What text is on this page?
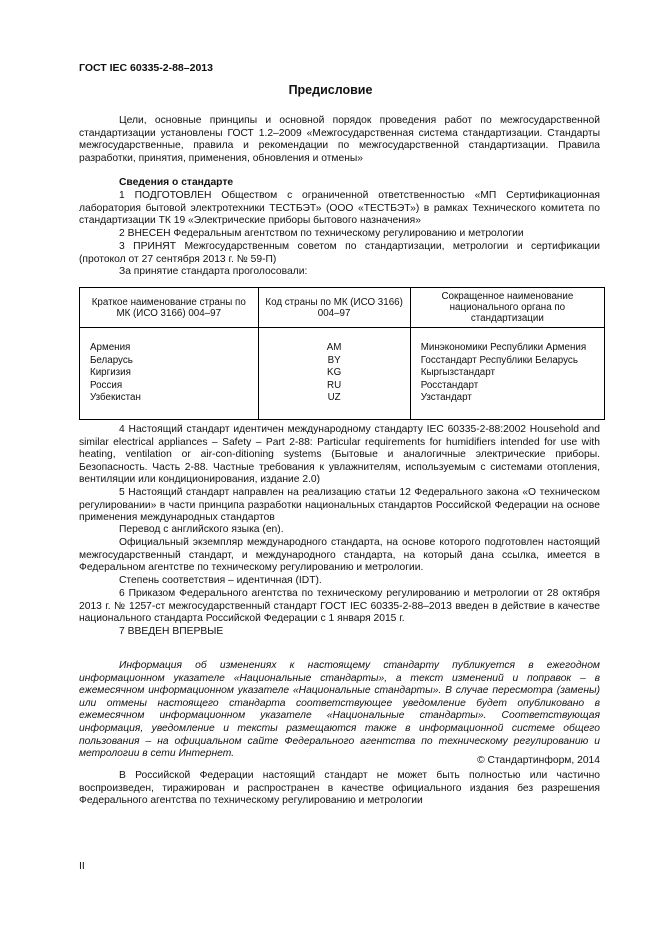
ГОСТ IEC 60335-2-88–2013
Предисловие

Цели, основные принципы и основной порядок проведения работ по межгосударственной стандартизации установлены ГОСТ 1.2–2009 «Межгосударственная система стандартизации. Стандарты межгосударственные, правила и рекомендации по межгосударственной стандартизации. Правила разработки, принятия, применения, обновления и отмены»

Сведения о стандарте

1 ПОДГОТОВЛЕН Обществом с ограниченной ответственностью «МП Сертификационная лаборатория бытовой электротехники ТЕСТБЭТ» (ООО «ТЕСТБЭТ») в рамках Технического комитета по стандартизации ТК 19 «Электрические приборы бытового назначения»

2 ВНЕСЕН Федеральным агентством по техническому регулированию и метрологии

3 ПРИНЯТ Межгосударственным советом по стандартизации, метрологии и сертификации (протокол от 27 сентября 2013 г. № 59-П)

За принятие стандарта проголосовали:

Краткое наименование страны по МК (ИСО 3166) 004–97	Код страны по МК (ИСО 3166) 004–97	Сокращенное наименование национального органа по стандартизации

Армения	AM	Минэкономики Республики Армения
Беларусь	BY	Госстандарт Республики Беларусь
Киргизия	KG	Кыргызстандарт
Россия	RU	Росстандарт
Узбекистан	UZ	Узстандарт

4 Настоящий стандарт идентичен международному стандарту IEC 60335-2-88:2002 Household and similar electrical appliances – Safety – Part 2-88: Particular requirements for humidifiers intended for use with heating, ventilation or air-con-ditioning systems (Бытовые и аналогичные электрические приборы. Безопасность. Часть 2-88. Частные требования к увлажнителям, используемым с системами отопления, вентиляции или кондиционирования, издание 2.0)

5 Настоящий стандарт направлен на реализацию статьи 12 Федерального закона «О техническом регулировании» в части принципа разработки национальных стандартов Российской Федерации на основе применения международных стандартов

Перевод с английского языка (en).

Официальный экземпляр международного стандарта, на основе которого подготовлен настоящий межгосударственный стандарт, и международного стандарта, на который дана ссылка, имеется в Федеральном агентстве по техническому регулированию и метрологии.

Степень соответствия – идентичная (IDT).

6 Приказом Федерального агентства по техническому регулированию и метрологии от 28 октября 2013 г. № 1257-ст межгосударственный стандарт ГОСТ IEC 60335-2-88–2013 введен в действие в качестве национального стандарта Российской Федерации с 1 января 2015 г.

7 ВВЕДЕН ВПЕРВЫЕ

Информация об изменениях к настоящему стандарту публикуется в ежегодном информационном указателе «Национальные стандарты», а текст изменений и поправок – в ежемесячном информационном указателе «Национальные стандарты». В случае пересмотра (замены) или отмены настоящего стандарта соответствующее уведомление будет опубликовано в ежемесячном информационном указателе «Национальные стандарты». Соответствующая информация, уведомление и тексты размещаются также в информационной системе общего пользования – на официальном сайте Федерального агентства по техническому регулированию и метрологии в сети Интернет.

© Стандартинформ, 2014

В Российской Федерации настоящий стандарт не может быть полностью или частично воспроизведен, тиражирован и распространен в качестве официального издания без разрешения Федерального агентства по техническому регулированию и метрологии

II
